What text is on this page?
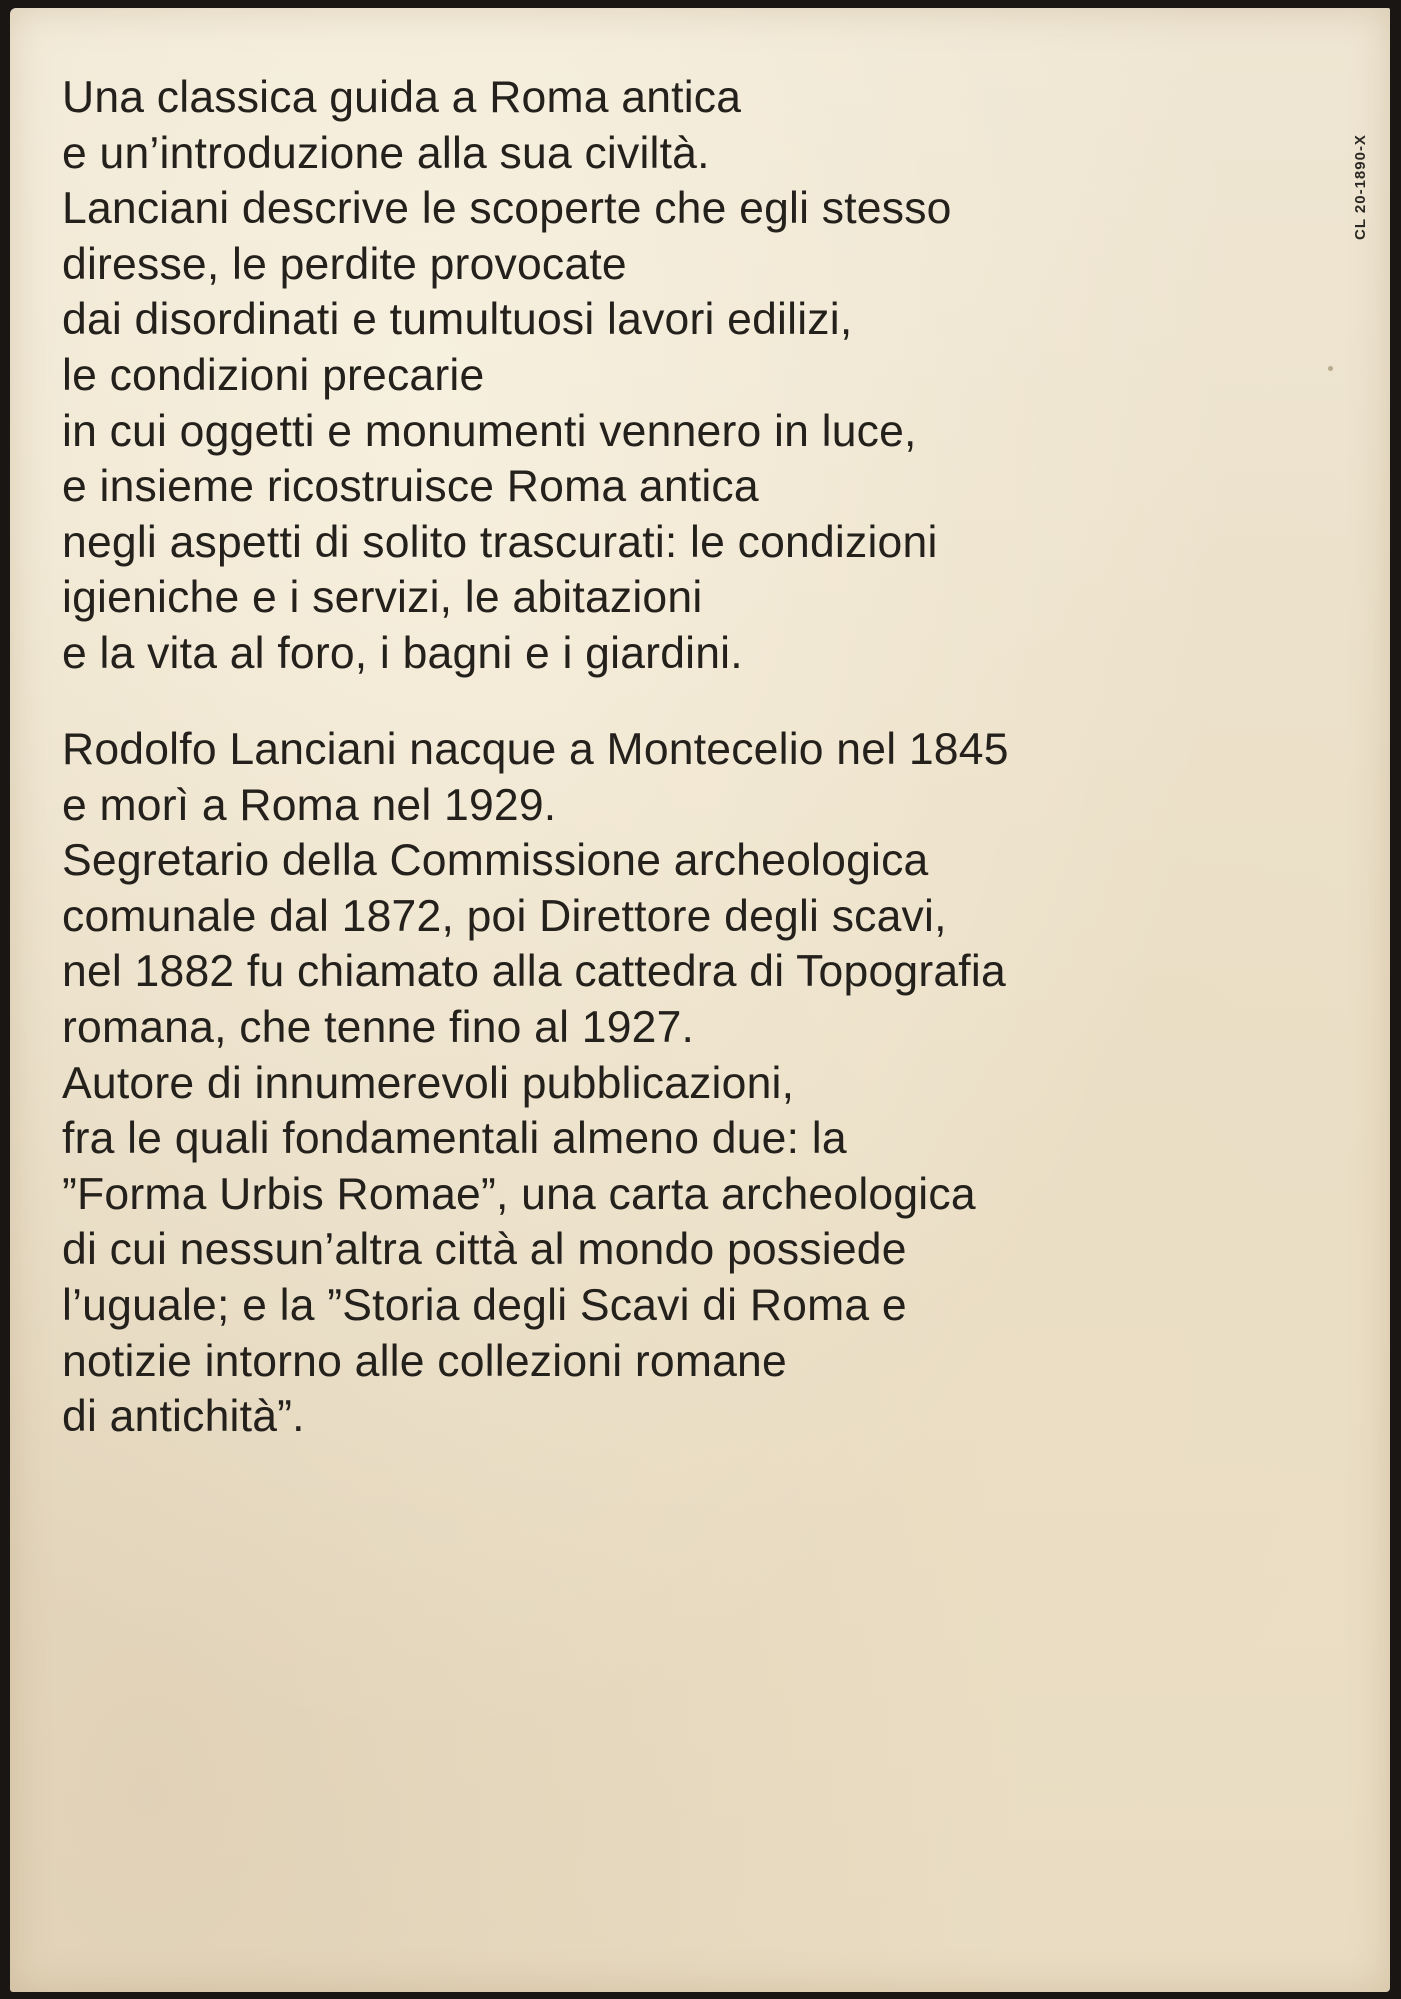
Una classica guida a Roma antica
e un’introduzione alla sua civiltà.
Lanciani descrive le scoperte che egli stesso
diresse, le perdite provocate
dai disordinati e tumultuosi lavori edilizi,
le condizioni precarie
in cui oggetti e monumenti vennero in luce,
e insieme ricostruisce Roma antica
negli aspetti di solito trascurati: le condizioni
igieniche e i servizi, le abitazioni
e la vita al foro, i bagni e i giardini.

Rodolfo Lanciani nacque a Montecelio nel 1845
e morì a Roma nel 1929.
Segretario della Commissione archeologica
comunale dal 1872, poi Direttore degli scavi,
nel 1882 fu chiamato alla cattedra di Topografia
romana, che tenne fino al 1927.
Autore di innumerevoli pubblicazioni,
fra le quali fondamentali almeno due: la
”Forma Urbis Romae”, una carta archeologica
di cui nessun’altra città al mondo possiede
l’uguale; e la ”Storia degli Scavi di Roma e
notizie intorno alle collezioni romane
di antichità”.

CL 20-1890-X
